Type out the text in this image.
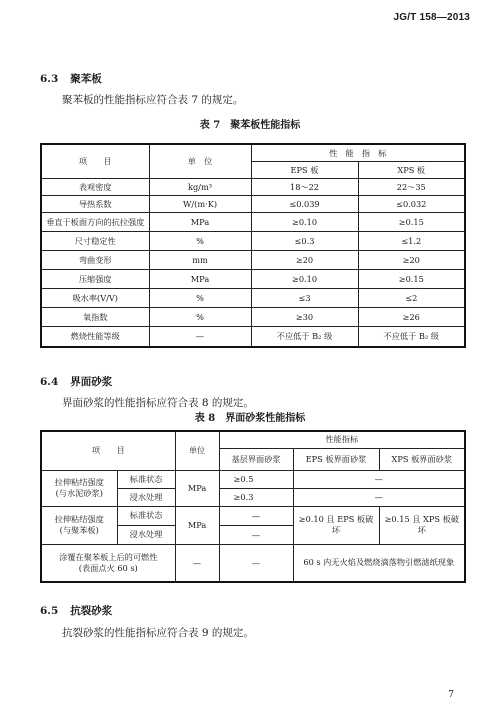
JG/T 158—2013
6.3 聚苯板
聚苯板的性能指标应符合表 7 的规定。
表 7　聚苯板性能指标
项　　目	单　位	性　能　指　标	
		EPS 板	XPS 板
表观密度	kg/m³	18～22	22～35
导热系数	W/(m·K)	≤0.039	≤0.032
垂直于板面方向的抗拉强度	MPa	≥0.10	≥0.15
尺寸稳定性	%	≤0.3	≤1.2
弯曲变形	mm	≥20	≥20
压缩强度	MPa	≥0.10	≥0.15
吸水率(V/V)	%	≤3	≤2
氧指数	%	≥30	≥26
燃烧性能等级	—	不应低于 B₂ 级	不应低于 B₂ 级
6.4 界面砂浆
界面砂浆的性能指标应符合表 8 的规定。
表 8　界面砂浆性能指标
项　　目		单位	性能指标		
			基层界面砂浆	EPS 板界面砂浆	XPS 板界面砂浆
拉伸粘结强度
(与水泥砂浆)	标准状态	MPa	≥0.5	—	
	浸水处理		≥0.3	—	
拉伸粘结强度
(与聚苯板)	标准状态	MPa	—	≥0.10 且 EPS 板破坏	≥0.15 且 XPS 板破坏
	浸水处理		—		
涂覆在聚苯板上后的可燃性
(表面点火 60 s)		—	—	60 s 内无火焰及燃烧滴落物引燃滤纸现象	
6.5 抗裂砂浆
抗裂砂浆的性能指标应符合表 9 的规定。
7
